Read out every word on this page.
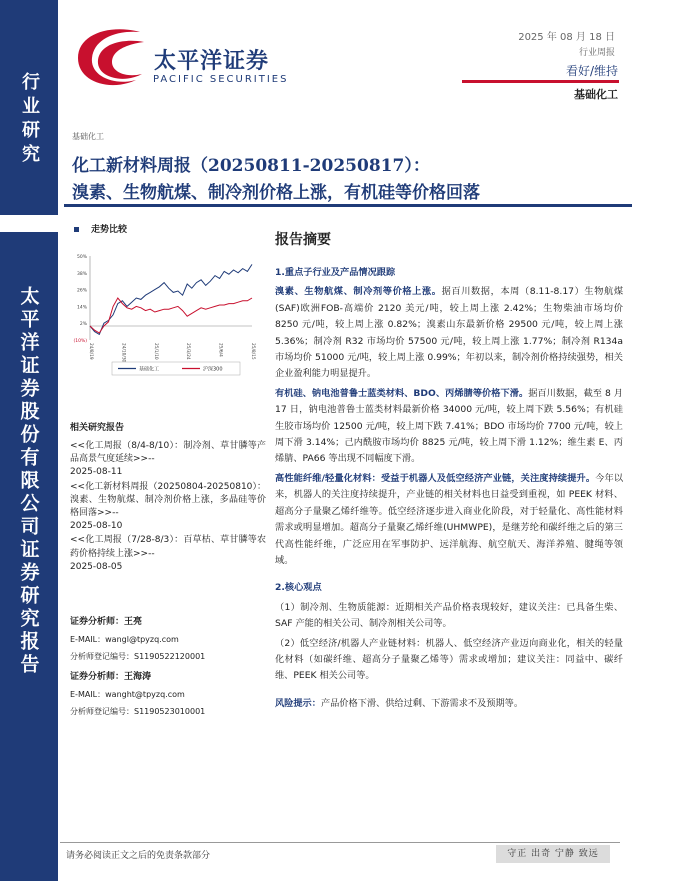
行业研究
太平洋证券股份有限公司证券研究报告
太平洋证券
PACIFIC SECURITIES
2025 年 08 月 18 日
行业周报
看好/维持
基础化工
基础化工
化工新材料周报（20250811-20250817）：
溴素、生物航煤、制冷剂价格上涨，有机硅等价格回落
走势比较
50%
38%
26%
14%
2%
(10%)
24/8/19	24/10/30	25/1/10	25/3/24	25/6/4	25/8/15
基础化工	沪深300
相关研究报告
<<化工周报（8/4-8/10）：制冷剂、草甘膦等产品高景气度延续>>--
2025-08-11
<<化工新材料周报（20250804-20250810）：溴素、生物航煤、制冷剂价格上涨，多晶硅等价格回落>>--
2025-08-10
<<化工周报（7/28-8/3）：百草枯、草甘膦等农药价格持续上涨>>--
2025-08-05
证券分析师：王亮
E-MAIL：wangl@tpyzq.com
分析师登记编号：S1190522120001
证券分析师：王海涛
E-MAIL：wanght@tpyzq.com
分析师登记编号：S1190523010001
报告摘要

1.重点子行业及产品情况跟踪

溴素、生物航煤、制冷剂等价格上涨。据百川数据，本周（8.11-8.17）生物航煤(SAF)欧洲FOB-高端价 2120 美元/吨，较上周上涨 2.42%；生物柴油市场均价 8250 元/吨，较上周上涨 0.82%；溴素山东最新价格 29500 元/吨，较上周上涨 5.36%；制冷剂 R32 市场均价 57500 元/吨，较上周上涨 1.77%；制冷剂 R134a 市场均价 51000 元/吨，较上周上涨 0.99%；年初以来，制冷剂价格持续强势，相关企业盈利能力明显提升。

有机硅、钠电池普鲁士蓝类材料、BDO、丙烯腈等价格下滑。据百川数据，截至 8 月 17 日，钠电池普鲁士蓝类材料最新价格 34000 元/吨，较上周下跌 5.56%；有机硅生胶市场均价 12500 元/吨，较上周下跌 7.41%；BDO 市场均价 7700 元/吨，较上周下滑 3.14%；己内酰胺市场均价 8825 元/吨，较上周下滑 1.12%；维生素 E、丙烯腈、PA66 等出现不同幅度下滑。

高性能纤维/轻量化材料：受益于机器人及低空经济产业链，关注度持续提升。今年以来，机器人的关注度持续提升，产业链的相关材料也日益受到重视，如 PEEK 材料、超高分子量聚乙烯纤维等。低空经济逐步进入商业化阶段，对于轻量化、高性能材料需求或明显增加。超高分子量聚乙烯纤维(UHMWPE)，是继芳纶和碳纤维之后的第三代高性能纤维，广泛应用在军事防护、远洋航海、航空航天、海洋养殖、腱绳等领域。

2.核心观点

（1）制冷剂、生物质能源：近期相关产品价格表现较好，建议关注：已具备生柴、SAF 产能的相关公司、制冷剂相关公司等。

（2）低空经济/机器人产业链材料：机器人、低空经济产业迈向商业化，相关的轻量化材料（如碳纤维、超高分子量聚乙烯等）需求或增加；建议关注：同益中、碳纤维、PEEK 相关公司等。

风险提示：产品价格下滑、供给过剩、下游需求不及预期等。

请务必阅读正文之后的免责条款部分	守正 出奇 宁静 致远
